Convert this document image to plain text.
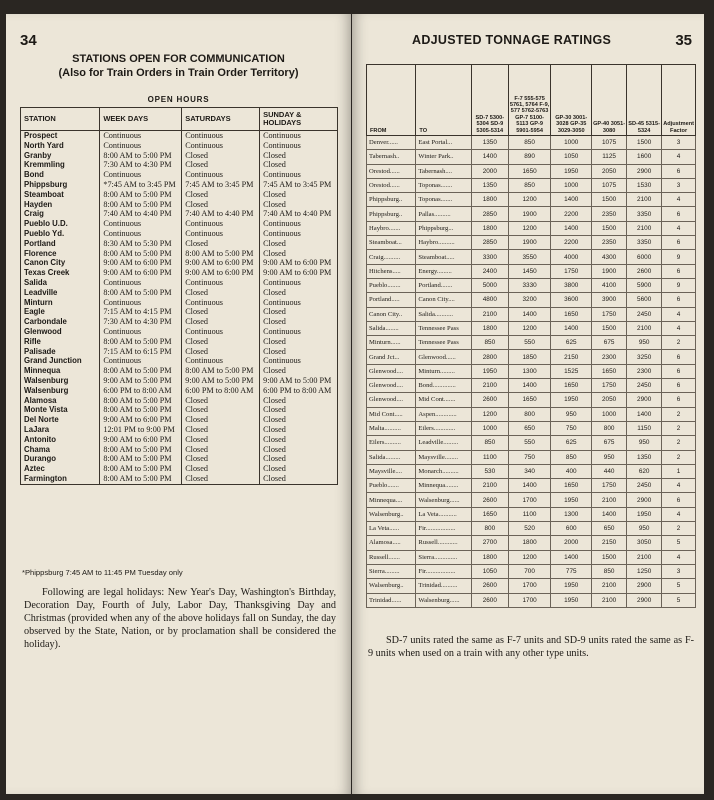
34
STATIONS OPEN FOR COMMUNICATION
(Also for Train Orders in Train Order Territory)
OPEN HOURS
STATION	WEEK DAYS	SATURDAYS	SUNDAY & HOLIDAYS
Prospect	Continuous	Continuous	Continuous
North Yard	Continuous	Continuous	Continuous
Granby	8:00 AM to 5:00 PM	Closed	Closed
Kremmling	7:30 AM to 4:30 PM	Closed	Closed
Bond	Continuous	Continuous	Continuous
Phippsburg	*7:45 AM to 3:45 PM	7:45 AM to 3:45 PM	7:45 AM to 3:45 PM
Steamboat	8:00 AM to 5:00 PM	Closed	Closed
Hayden	8:00 AM to 5:00 PM	Closed	Closed
Craig	7:40 AM to 4:40 PM	7:40 AM to 4:40 PM	7:40 AM to 4:40 PM
Pueblo U.D.	Continuous	Continuous	Continuous
Pueblo Yd.	Continuous	Continuous	Continuous
Portland	8:30 AM to 5:30 PM	Closed	Closed
Florence	8:00 AM to 5:00 PM	8:00 AM to 5:00 PM	Closed
Canon City	9:00 AM to 6:00 PM	9:00 AM to 6:00 PM	9:00 AM to 6:00 PM
Texas Creek	9:00 AM to 6:00 PM	9:00 AM to 6:00 PM	9:00 AM to 6:00 PM
Salida	Continuous	Continuous	Continuous
Leadville	8:00 AM to 5:00 PM	Closed	Closed
Minturn	Continuous	Continuous	Continuous
Eagle	7:15 AM to 4:15 PM	Closed	Closed
Carbondale	7:30 AM to 4:30 PM	Closed	Closed
Glenwood	Continuous	Continuous	Continuous
Rifle	8:00 AM to 5:00 PM	Closed	Closed
Palisade	7:15 AM to 6:15 PM	Closed	Closed
Grand Junction	Continuous	Continuous	Continuous
Minnequa	8:00 AM to 5:00 PM	8:00 AM to 5:00 PM	Closed
Walsenburg	9:00 AM to 5:00 PM	9:00 AM to 5:00 PM	9:00 AM to 5:00 PM
Walsenburg	6:00 PM to 8:00 AM	6:00 PM to 8:00 AM	6:00 PM to 8:00 AM
Alamosa	8:00 AM to 5:00 PM	Closed	Closed
Monte Vista	8:00 AM to 5:00 PM	Closed	Closed
Del Norte	9:00 AM to 6:00 PM	Closed	Closed
LaJara	12:01 PM to 9:00 PM	Closed	Closed
Antonito	9:00 AM to 6:00 PM	Closed	Closed
Chama	8:00 AM to 5:00 PM	Closed	Closed
Durango	8:00 AM to 5:00 PM	Closed	Closed
Aztec	8:00 AM to 5:00 PM	Closed	Closed
Farmington	8:00 AM to 5:00 PM	Closed	Closed
*Phippsburg 7:45 AM to 11:45 PM Tuesday only

Following are legal holidays: New Year's Day, Washington's Birthday, Decoration Day, Fourth of July, Labor Day, Thanksgiving Day and Christmas (provided when any of the above holidays fall on Sunday, the day observed by the State, Nation, or by proclamation shall be considered the holiday).

ADJUSTED TONNAGE RATINGS	35
FROM	TO	SD-7 5300-5304 SD-9 5305-5314	F-7 555-575 5761, 5764 F-9, 577 5762-5763 GP-7 5100-5113 GP-9 5901-5954	GP-30 3001-3028 GP-35 3029-3050	GP-40 3051-3080	SD-45 5315-5324	Adjustment Factor
Denver......	East Portal...	1350	850	1000	1075	1500	3
Tabernash..	Winter Park..	1400	890	1050	1125	1600	4
Orestod......	Tabernash....	2000	1650	1950	2050	2900	6
Orestod......	Toponas.......	1350	850	1000	1075	1530	3
Phippsburg..	Toponas.......	1800	1200	1400	1500	2100	4
Phippsburg..	Pallas..........	2850	1900	2200	2350	3350	6
Haybro.......	Phippsburg...	1800	1200	1400	1500	2100	4
Steamboat...	Haybro..........	2850	1900	2200	2350	3350	6
Craig..........	Steamboat.....	3300	3550	4000	4300	6000	9
Hitchens.....	Energy.........	2400	1450	1750	1900	2600	6
Pueblo........	Portland.......	5000	3330	3800	4100	5900	9
Portland.....	Canon City....	4800	3200	3600	3900	5600	6
Canon City..	Salida...........	2100	1400	1650	1750	2450	4
Salida........	Tennessee Pass	1800	1200	1400	1500	2100	4
Minturn......	Tennessee Pass	850	550	625	675	950	2
Grand Jct...	Glenwood......	2800	1850	2150	2300	3250	6
Glenwood....	Minturn.........	1950	1300	1525	1650	2300	6
Glenwood....	Bond..............	2100	1400	1650	1750	2450	6
Glenwood....	Mid Cont.......	2600	1650	1950	2050	2900	6
Mid Cont.....	Aspen.............	1200	800	950	1000	1400	2
Malta..........	Eilers.............	1000	650	750	800	1150	2
Eilers..........	Leadville.........	850	550	625	675	950	2
Salida.........	Maysville........	1100	750	850	950	1350	2
Maysville....	Monarch..........	530	340	400	440	620	1
Pueblo.......	Minnequa........	2100	1400	1650	1750	2450	4
Minnequa....	Walsenburg......	2600	1700	1950	2100	2900	6
Walsenburg..	La Veta...........	1650	1100	1300	1400	1950	4
La Veta......	Fir..................	800	520	600	650	950	2
Alamosa.....	Russell............	2700	1800	2000	2150	3050	5
Russell.......	Sierra..............	1800	1200	1400	1500	2100	4
Sierra.........	Fir..................	1050	700	775	850	1250	3
Walsenburg..	Trinidad..........	2600	1700	1950	2100	2900	5
Trinidad......	Walsenburg......	2600	1700	1950	2100	2900	5

SD-7 units rated the same as F-7 units and SD-9 units rated the same as F-9 units when used on a train with any other type units.
